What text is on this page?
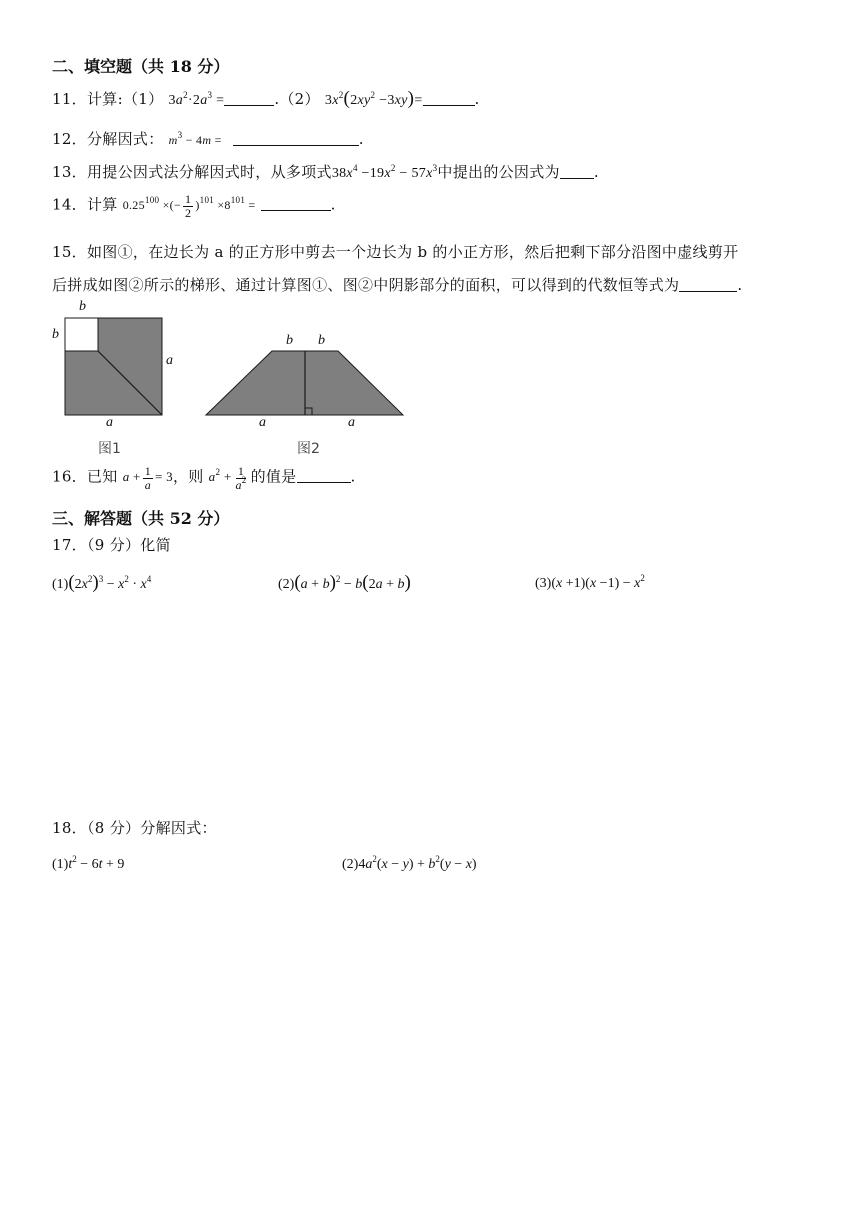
二、填空题（共 18 分）
11．计算:（1） $3a^2\cdot 2a^3$ =	.（2） $3x^2(2xy^2 -3xy)=$	.
12．分解因式： $m^3 - 4m$ =	.
13．用提公因式法分解因式时，从多项式$38x^4 -19x^2 - 57x^3$中提出的公因式为 .
14．计算 $0.25^{100}$ ×(− $\frac{1}{2} )^{101} \times 8^{101}$ =	.
15．如图①，在边长为 a 的正方形中剪去一个边长为 b 的小正方形，然后把剩下部分沿图中虚线剪开
后拼成如图②所示的梯形、通过计算图①、图②中阴影部分的面积，可以得到的代数恒等式为	.
b
b
a
a
图1
b b
a	a
图2
16．已知 $a + \frac{1}{a} = 3$，则 $a^2 + \frac{1}{a^2}$ 的值是	.
三、解答题（共 52 分）
17．（9 分）化简
$(1)(2x^2)^3 - x^2 \cdot x^4$	$(2)(a + b)^2 - b(2a + b)$	$(3)(x +1)(x -1) - x^2$
18．（8 分）分解因式：
$(1)t^2 - 6t + 9$	$(2)4a^2(x - y) + b^2(y - x)$
